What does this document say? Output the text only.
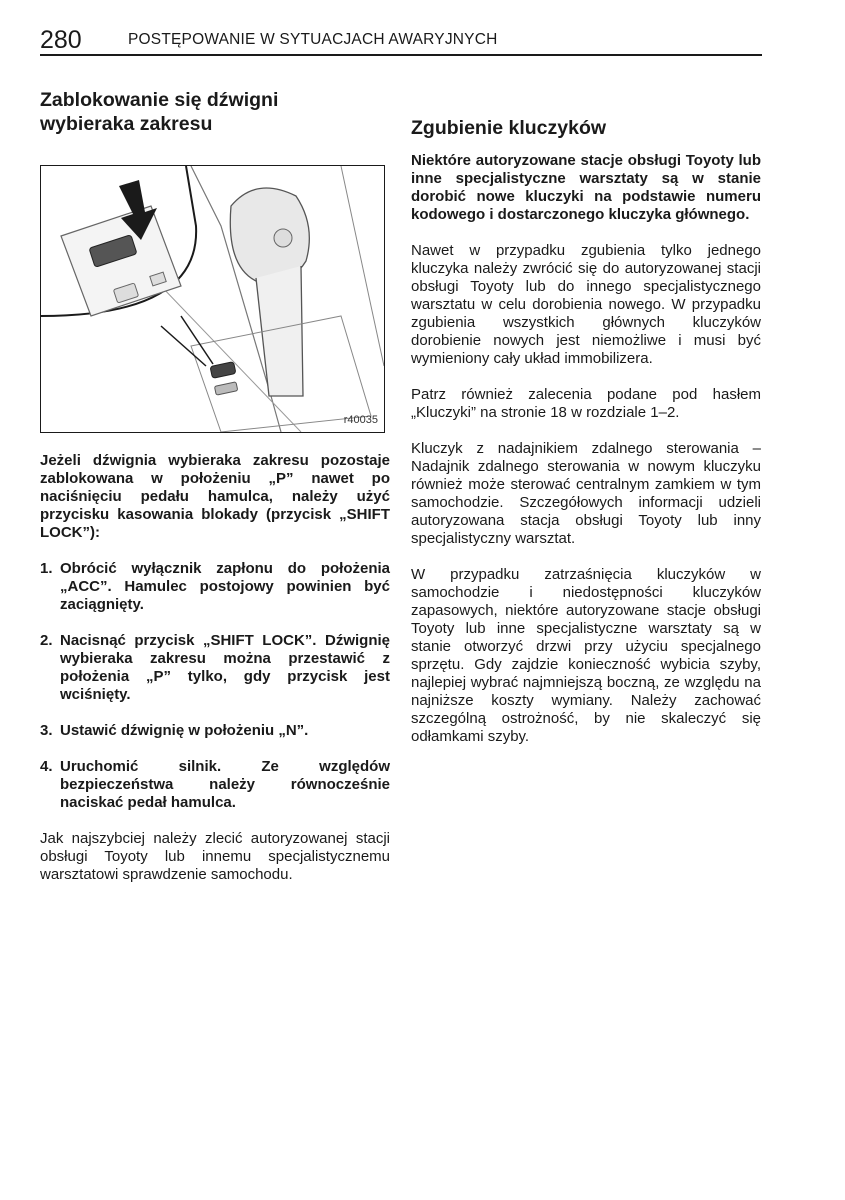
280	POSTĘPOWANIE W SYTUACJACH AWARYJNYCH
Zablokowanie się dźwigni
wybieraka zakresu
r40035

Jeżeli dźwignia wybieraka zakresu pozostaje zablokowana w położeniu „P” nawet po naciśnięciu pedału hamulca, należy użyć przycisku kasowania blokady (przycisk „SHIFT LOCK”):

1. Obrócić wyłącznik zapłonu do położenia „ACC”. Hamulec postojowy powinien być zaciągnięty.
2. Nacisnąć przycisk „SHIFT LOCK”. Dźwignię wybieraka zakresu można przestawić z położenia „P” tylko, gdy przycisk jest wciśnięty.
3. Ustawić dźwignię w położeniu „N”.
4. Uruchomić silnik. Ze względów bezpieczeństwa należy równocześnie naciskać pedał hamulca.

Jak najszybciej należy zlecić autoryzowanej stacji obsługi Toyoty lub innemu specjalistycznemu warsztatowi sprawdzenie samochodu.

Zgubienie kluczyków

Niektóre autoryzowane stacje obsługi Toyoty lub inne specjalistyczne warsztaty są w stanie dorobić nowe kluczyki na podstawie numeru kodowego i dostarczonego kluczyka głównego.

Nawet w przypadku zgubienia tylko jednego kluczyka należy zwrócić się do autoryzowanej stacji obsługi Toyoty lub do innego specjalistycznego warsztatu w celu dorobienia nowego. W przypadku zgubienia wszystkich głównych kluczyków dorobienie nowych jest niemożliwe i musi być wymieniony cały układ immobilizera.

Patrz również zalecenia podane pod hasłem „Kluczyki” na stronie 18 w rozdziale 1–2.

Kluczyk z nadajnikiem zdalnego sterowania – Nadajnik zdalnego sterowania w nowym kluczyku również może sterować centralnym zamkiem w tym samochodzie. Szczegółowych informacji udzieli autoryzowana stacja obsługi Toyoty lub inny specjalistyczny warsztat.

W przypadku zatrzaśnięcia kluczyków w samochodzie i niedostępności kluczyków zapasowych, niektóre autoryzowane stacje obsługi Toyoty lub inne specjalistyczne warsztaty są w stanie otworzyć drzwi przy użyciu specjalnego sprzętu. Gdy zajdzie konieczność wybicia szyby, najlepiej wybrać najmniejszą boczną, ze względu na najniższe koszty wymiany. Należy zachować szczególną ostrożność, by nie skaleczyć się odłamkami szyby.
